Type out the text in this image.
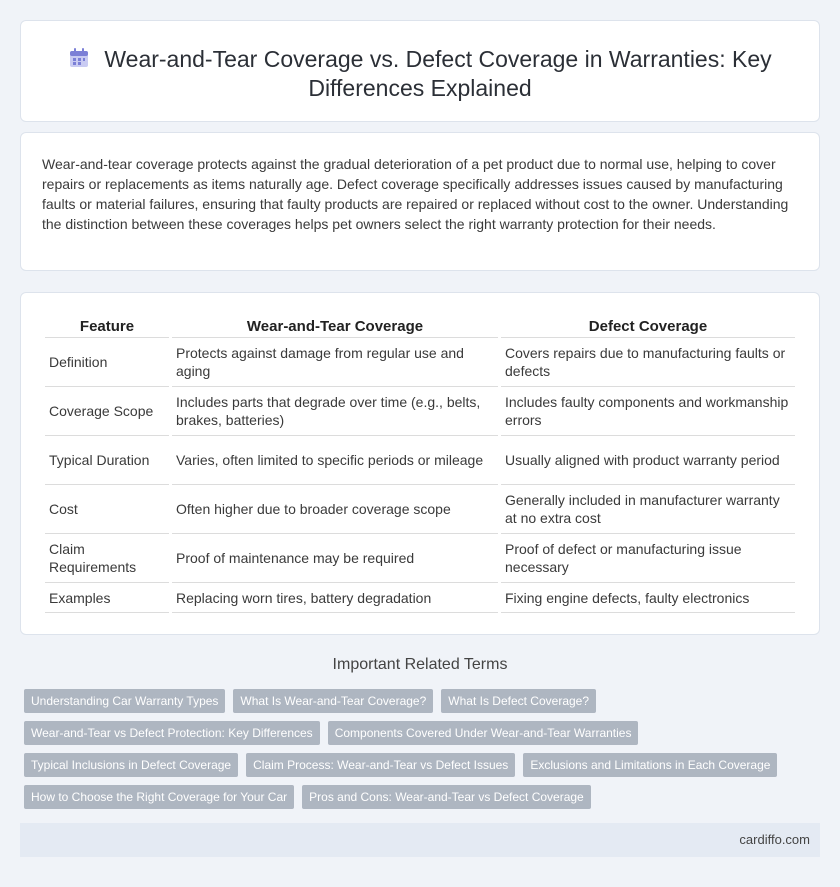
Wear-and-Tear Coverage vs. Defect Coverage in Warranties: Key Differences Explained

Wear-and-tear coverage protects against the gradual deterioration of a pet product due to normal use, helping to cover repairs or replacements as items naturally age. Defect coverage specifically addresses issues caused by manufacturing faults or material failures, ensuring that faulty products are repaired or replaced without cost to the owner. Understanding the distinction between these coverages helps pet owners select the right warranty protection for their needs.

Feature	Wear-and-Tear Coverage	Defect Coverage
Definition	Protects against damage from regular use and aging	Covers repairs due to manufacturing faults or defects
Coverage Scope	Includes parts that degrade over time (e.g., belts, brakes, batteries)	Includes faulty components and workmanship errors
Typical Duration	Varies, often limited to specific periods or mileage	Usually aligned with product warranty period
Cost	Often higher due to broader coverage scope	Generally included in manufacturer warranty at no extra cost
Claim Requirements	Proof of maintenance may be required	Proof of defect or manufacturing issue necessary
Examples	Replacing worn tires, battery degradation	Fixing engine defects, faulty electronics
Important Related Terms
Understanding Car Warranty Types	What Is Wear-and-Tear Coverage?	What Is Defect Coverage?
Wear-and-Tear vs Defect Protection: Key Differences	Components Covered Under Wear-and-Tear Warranties
Typical Inclusions in Defect Coverage	Claim Process: Wear-and-Tear vs Defect Issues	Exclusions and Limitations in Each Coverage
How to Choose the Right Coverage for Your Car	Pros and Cons: Wear-and-Tear vs Defect Coverage
cardiffo.com
